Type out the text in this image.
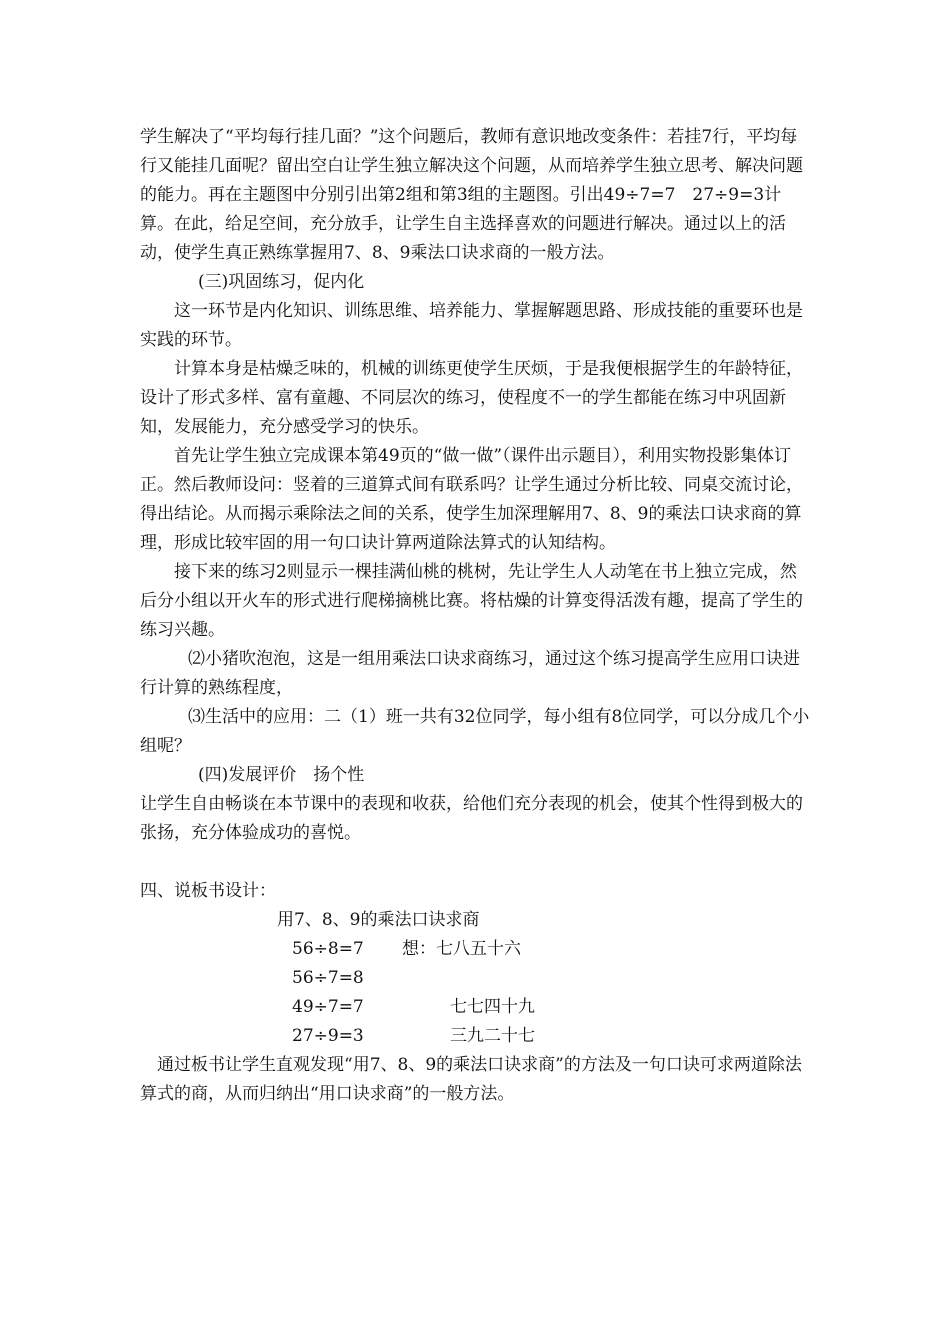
学生解决了“平均每行挂几面？”这个问题后，教师有意识地改变条件：若挂7行，平均每行又能挂几面呢？留出空白让学生独立解决这个问题，从而培养学生独立思考、解决问题的能力。再在主题图中分别引出第2组和第3组的主题图。引出49÷7=7　27÷9=3计算。在此，给足空间，充分放手，让学生自主选择喜欢的问题进行解决。通过以上的活动，使学生真正熟练掌握用7、8、9乘法口诀求商的一般方法。

(三)巩固练习，促内化

这一环节是内化知识、训练思维、培养能力、掌握解题思路、形成技能的重要环也是实践的环节。

计算本身是枯燥乏味的，机械的训练更使学生厌烦，于是我便根据学生的年龄特征，设计了形式多样、富有童趣、不同层次的练习，使程度不一的学生都能在练习中巩固新知，发展能力，充分感受学习的快乐。

首先让学生独立完成课本第49页的“做一做”（课件出示题目），利用实物投影集体订正。然后教师设问：竖着的三道算式间有联系吗？让学生通过分析比较、同桌交流讨论，得出结论。从而揭示乘除法之间的关系，使学生加深理解用7、8、9的乘法口诀求商的算理，形成比较牢固的用一句口诀计算两道除法算式的认知结构。

接下来的练习2则显示一棵挂满仙桃的桃树，先让学生人人动笔在书上独立完成，然后分小组以开火车的形式进行爬梯摘桃比赛。将枯燥的计算变得活泼有趣，提高了学生的练习兴趣。

⑵小猪吹泡泡，这是一组用乘法口诀求商练习，通过这个练习提高学生应用口诀进行计算的熟练程度，

⑶生活中的应用：二（1）班一共有32位同学，每小组有8位同学，可以分成几个小组呢？

(四)发展评价　扬个性

让学生自由畅谈在本节课中的表现和收获，给他们充分表现的机会，使其个性得到极大的张扬，充分体验成功的喜悦。

四、说板书设计：

用7、8、9的乘法口诀求商
56÷8=7 想：七八五十六
56÷7=8
49÷7=7	七七四十九
27÷9=3	三九二十七

通过板书让学生直观发现“用7、8、9的乘法口诀求商”的方法及一句口诀可求两道除法算式的商，从而归纳出“用口诀求商”的一般方法。
